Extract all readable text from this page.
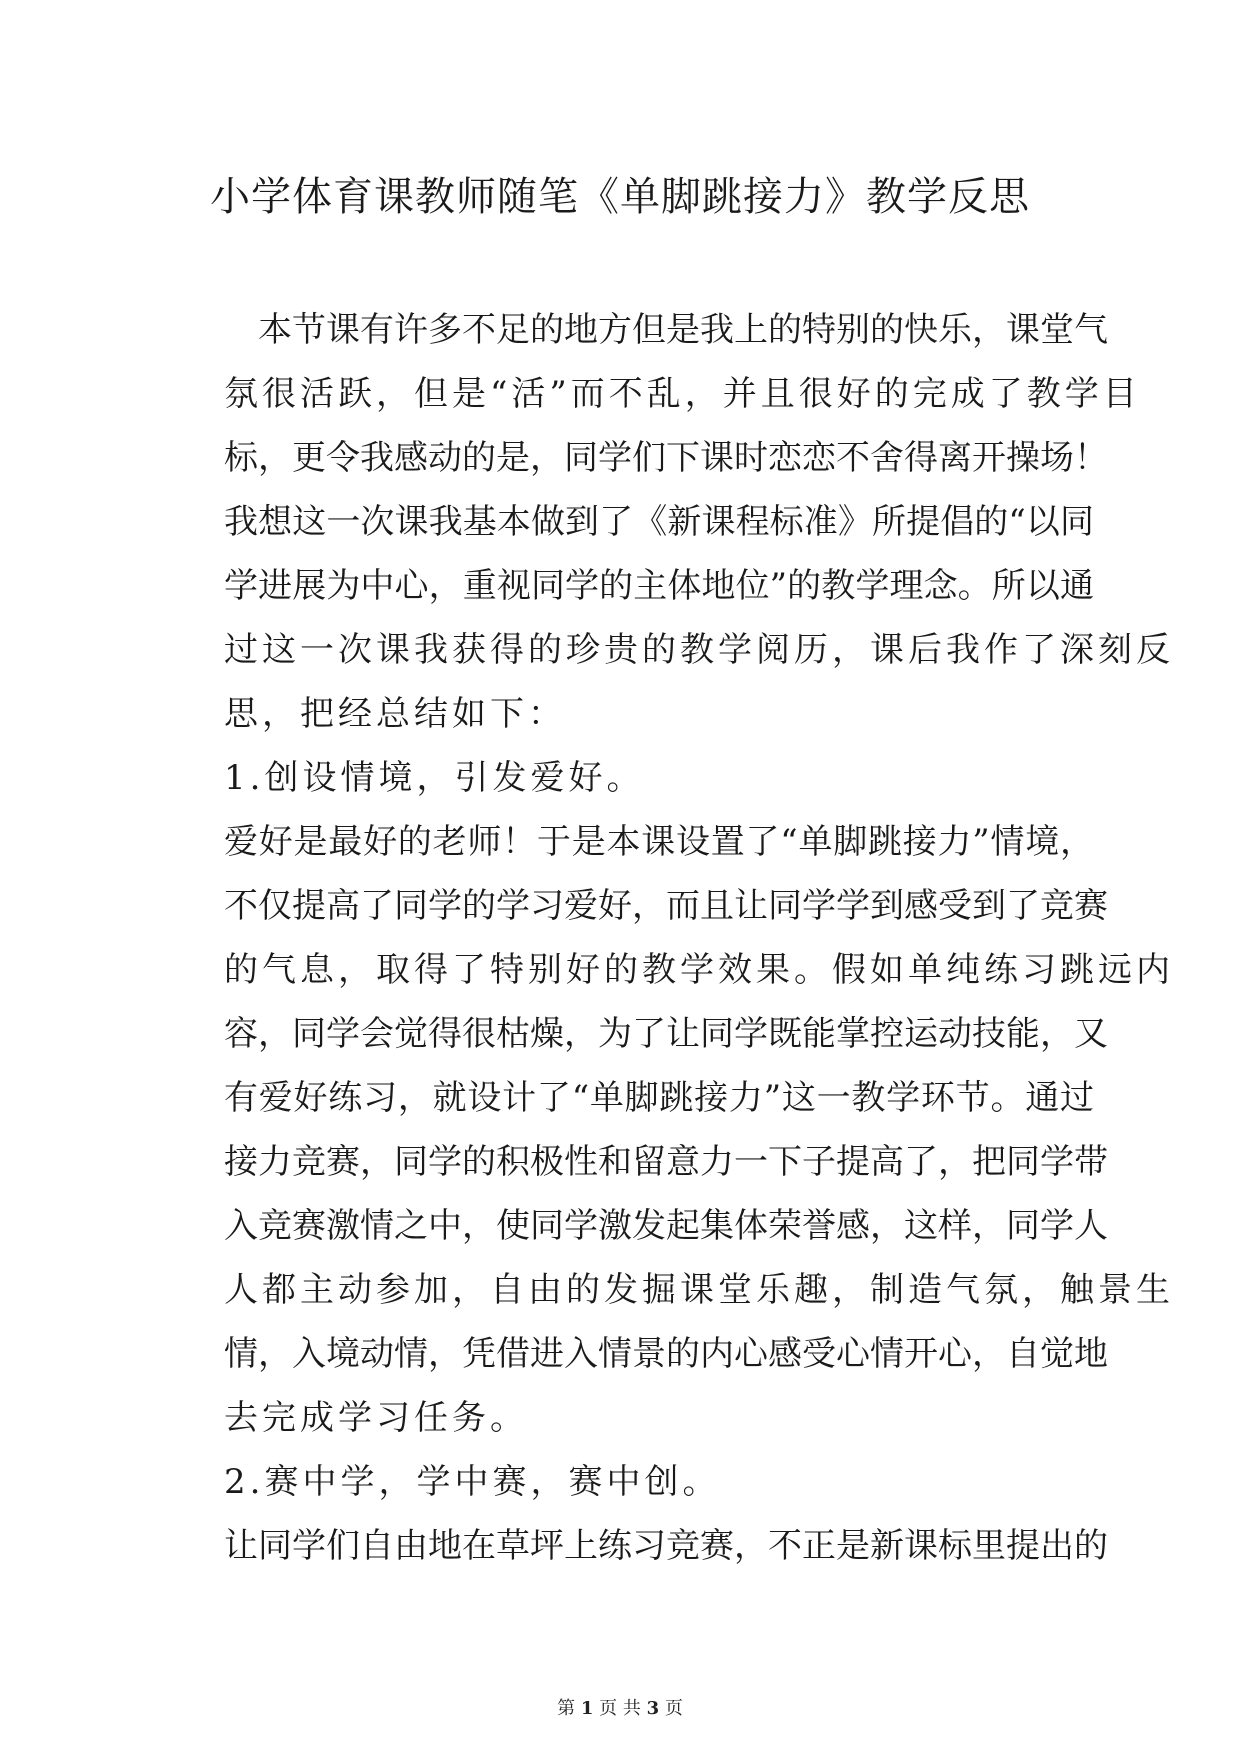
小学体育课教师随笔《单脚跳接力》教学反思
　本节课有许多不足的地方但是我上的特别的快乐，课堂气
氛很活跃，但是“活”而不乱，并且很好的完成了教学目
标，更令我感动的是，同学们下课时恋恋不舍得离开操场！
我想这一次课我基本做到了《新课程标准》所提倡的“以同
学进展为中心，重视同学的主体地位”的教学理念。所以通
过这一次课我获得的珍贵的教学阅历，课后我作了深刻反
思，把经总结如下：
1.创设情境，引发爱好。
爱好是最好的老师！于是本课设置了“单脚跳接力”情境，
不仅提高了同学的学习爱好，而且让同学学到感受到了竞赛
的气息，取得了特别好的教学效果。假如单纯练习跳远内
容，同学会觉得很枯燥，为了让同学既能掌控运动技能，又
有爱好练习，就设计了“单脚跳接力”这一教学环节。通过
接力竞赛，同学的积极性和留意力一下子提高了，把同学带
入竞赛激情之中，使同学激发起集体荣誉感，这样，同学人
人都主动参加，自由的发掘课堂乐趣，制造气氛，触景生
情，入境动情，凭借进入情景的内心感受心情开心，自觉地
去完成学习任务。
2.赛中学，学中赛，赛中创。
让同学们自由地在草坪上练习竞赛，不正是新课标里提出的
第 1 页 共 3 页
